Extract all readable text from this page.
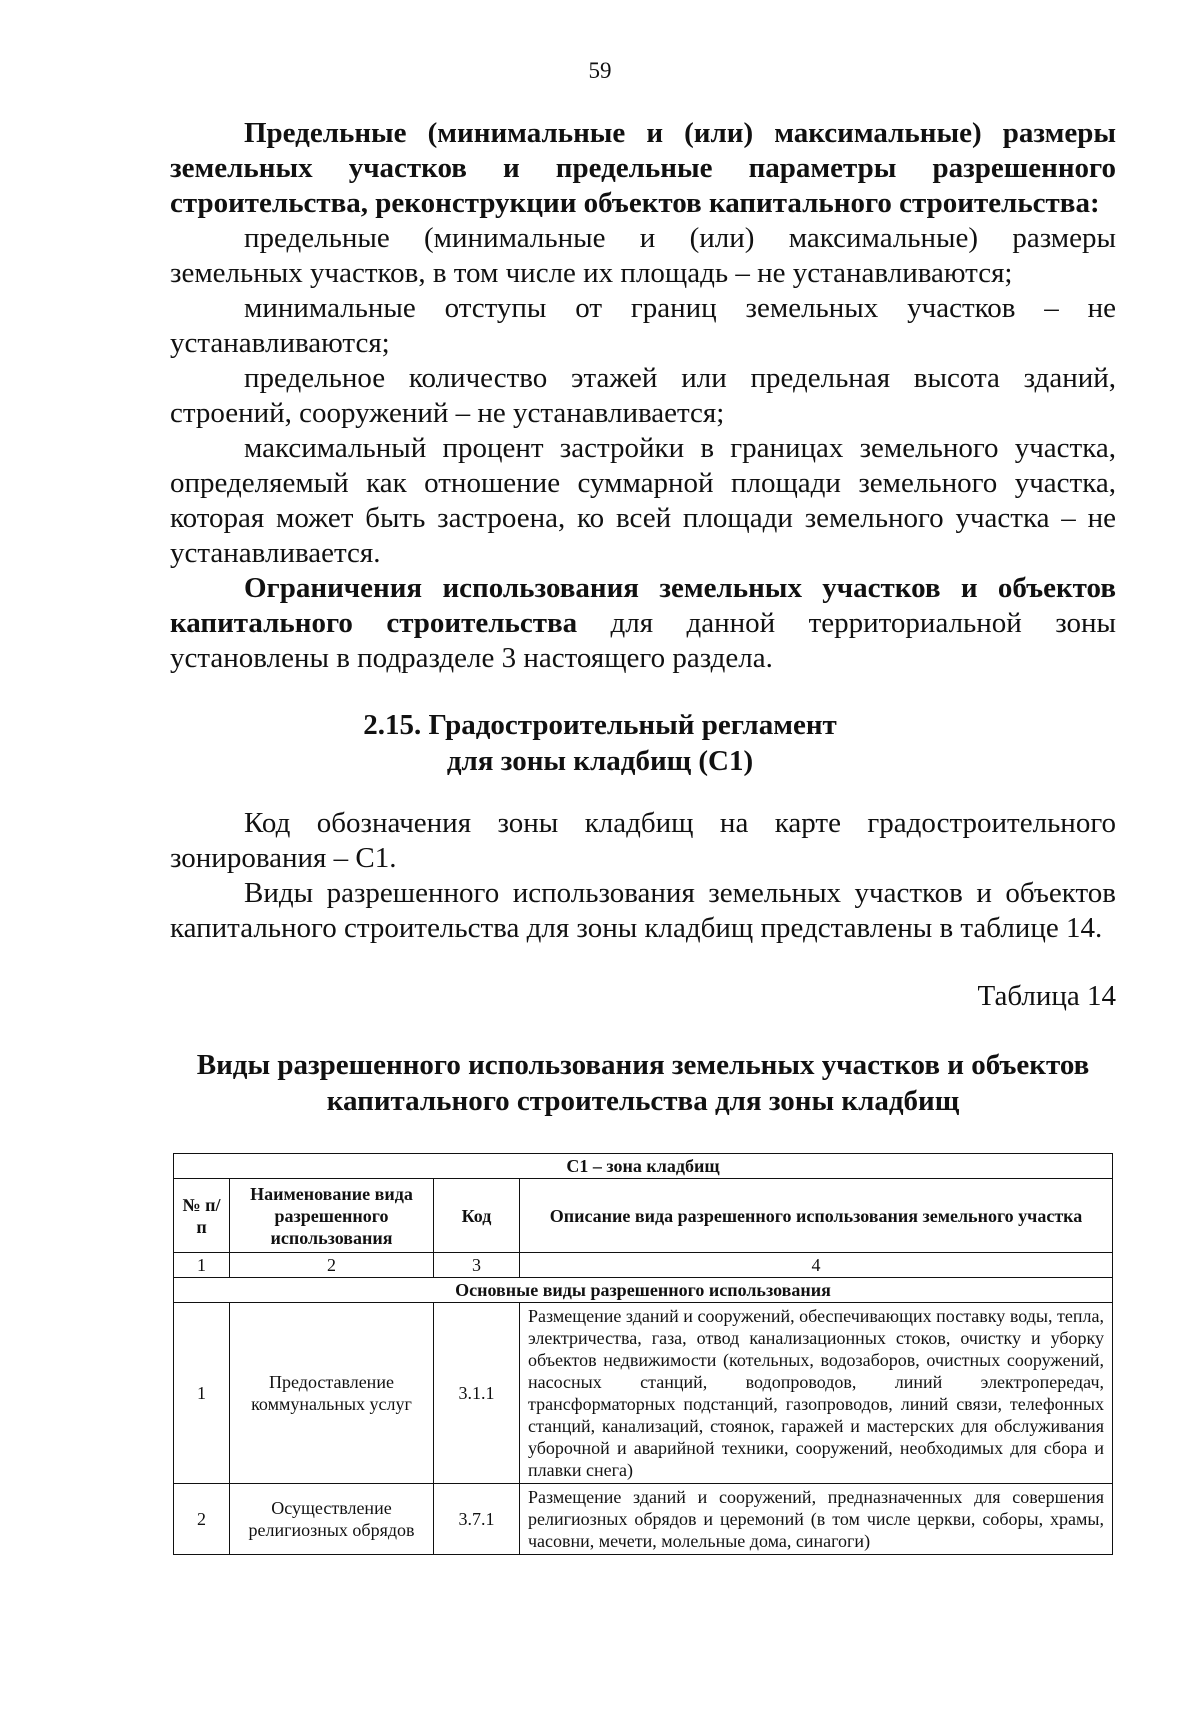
59

Предельные (минимальные и (или) максимальные) размеры земельных участков и предельные параметры разрешенного строительства, реконструкции объектов капитального строительства:

предельные (минимальные и (или) максимальные) размеры земельных участков, в том числе их площадь – не устанавливаются;

минимальные отступы от границ земельных участков – не устанавливаются;

предельное количество этажей или предельная высота зданий, строений, сооружений – не устанавливается;

максимальный процент застройки в границах земельного участка, определяемый как отношение суммарной площади земельного участка, которая может быть застроена, ко всей площади земельного участка – не устанавливается.

Ограничения использования земельных участков и объектов капитального строительства для данной территориальной зоны установлены в подразделе 3 настоящего раздела.

2.15. Градостроительный регламент
для зоны кладбищ (С1)

Код обозначения зоны кладбищ на карте градостроительного зонирования – С1.

Виды разрешенного использования земельных участков и объектов капитального строительства для зоны кладбищ представлены в таблице 14.

Таблица 14
Виды разрешенного использования земельных участков и объектов
капитального строительства для зоны кладбищ
С1 – зона кладбищ			
№ п/п	Наименование вида разрешенного использования	Код	Описание вида разрешенного использования земельного участка
1	2	3	4
Основные виды разрешенного использования			
1	Предоставление коммунальных услуг	3.1.1	Размещение зданий и сооружений, обеспечивающих поставку воды, тепла, электричества, газа, отвод канализационных стоков, очистку и уборку объектов недвижимости (котельных, водозаборов, очистных сооружений, насосных станций, водопроводов, линий электропередач, трансформаторных подстанций, газопроводов, линий связи, телефонных станций, канализаций, стоянок, гаражей и мастерских для обслуживания уборочной и аварийной техники, сооружений, необходимых для сбора и плавки снега)
2	Осуществление религиозных обрядов	3.7.1	Размещение зданий и сооружений, предназначенных для совершения религиозных обрядов и церемоний (в том числе церкви, соборы, храмы, часовни, мечети, молельные дома, синагоги)
